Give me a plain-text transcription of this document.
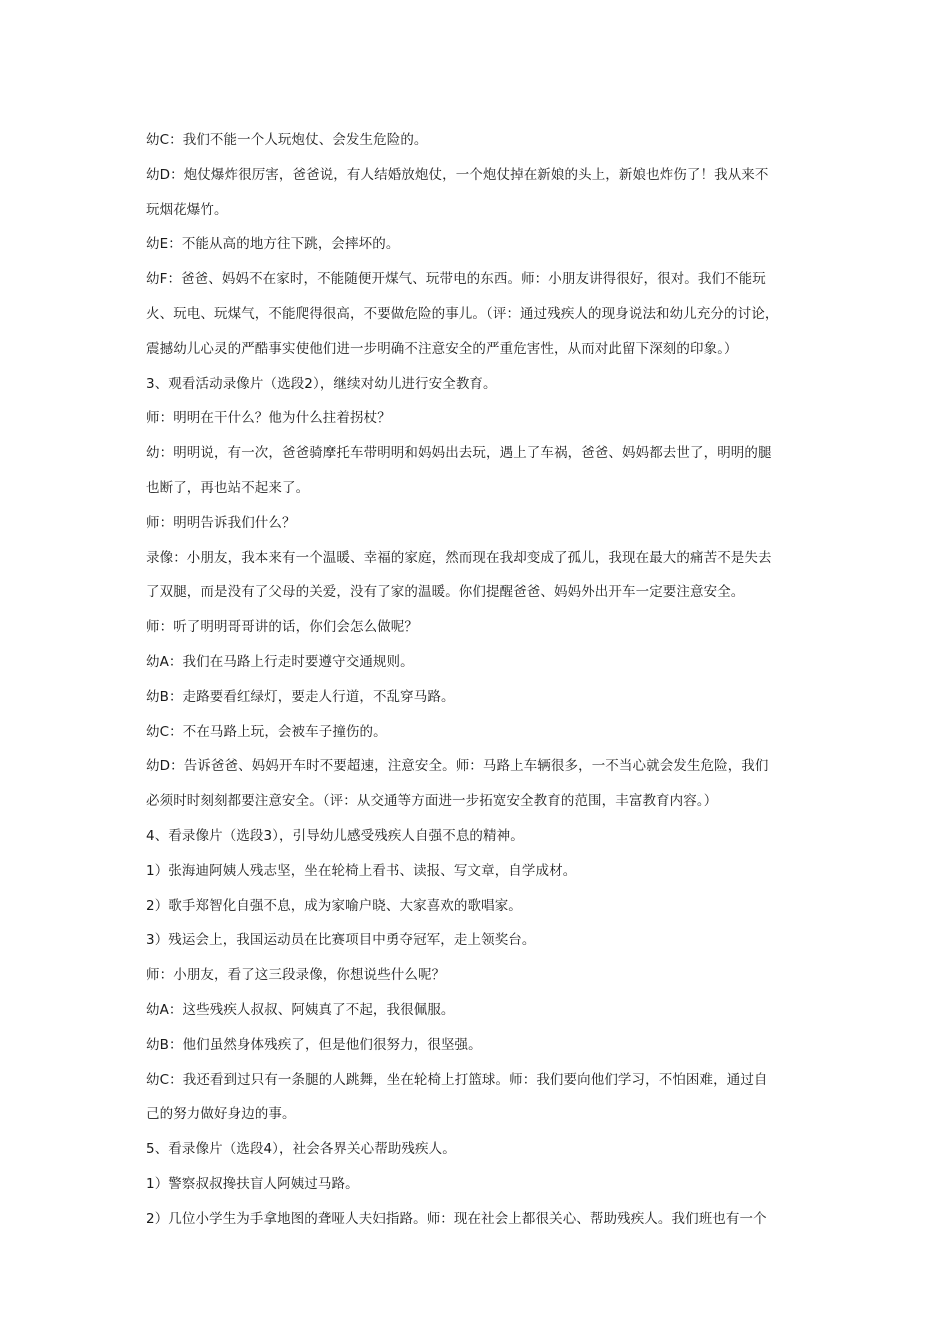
幼C：我们不能一个人玩炮仗、会发生危险的。
幼D：炮仗爆炸很厉害，爸爸说，有人结婚放炮仗，一个炮仗掉在新娘的头上，新娘也炸伤了！我从来不
玩烟花爆竹。
幼E：不能从高的地方往下跳，会摔坏的。
幼F：爸爸、妈妈不在家时，不能随便开煤气、玩带电的东西。师：小朋友讲得很好，很对。我们不能玩
火、玩电、玩煤气，不能爬得很高，不要做危险的事儿。（评：通过残疾人的现身说法和幼儿充分的讨论，
震撼幼儿心灵的严酷事实使他们进一步明确不注意安全的严重危害性，从而对此留下深刻的印象。）
3、观看活动录像片（选段2），继续对幼儿进行安全教育。
师：明明在干什么？他为什么拄着拐杖？
幼：明明说，有一次，爸爸骑摩托车带明明和妈妈出去玩，遇上了车祸，爸爸、妈妈都去世了，明明的腿
也断了，再也站不起来了。
师：明明告诉我们什么？
录像：小朋友，我本来有一个温暖、幸福的家庭，然而现在我却变成了孤儿，我现在最大的痛苦不是失去
了双腿，而是没有了父母的关爱，没有了家的温暖。你们提醒爸爸、妈妈外出开车一定要注意安全。
师：听了明明哥哥讲的话，你们会怎么做呢？
幼A：我们在马路上行走时要遵守交通规则。
幼B：走路要看红绿灯，要走人行道，不乱穿马路。
幼C：不在马路上玩，会被车子撞伤的。
幼D：告诉爸爸、妈妈开车时不要超速，注意安全。师：马路上车辆很多，一不当心就会发生危险，我们
必须时时刻刻都要注意安全。（评：从交通等方面进一步拓宽安全教育的范围，丰富教育内容。）
4、看录像片（选段3），引导幼儿感受残疾人自强不息的精神。
1）张海迪阿姨人残志坚，坐在轮椅上看书、读报、写文章，自学成材。
2）歌手郑智化自强不息，成为家喻户晓、大家喜欢的歌唱家。
3）残运会上，我国运动员在比赛项目中勇夺冠军，走上领奖台。
师：小朋友，看了这三段录像，你想说些什么呢？
幼A：这些残疾人叔叔、阿姨真了不起，我很佩服。
幼B：他们虽然身体残疾了，但是他们很努力，很坚强。
幼C：我还看到过只有一条腿的人跳舞，坐在轮椅上打篮球。师：我们要向他们学习，不怕困难，通过自
己的努力做好身边的事。
5、看录像片（选段4），社会各界关心帮助残疾人。
1）警察叔叔搀扶盲人阿姨过马路。
2）几位小学生为手拿地图的聋哑人夫妇指路。师：现在社会上都很关心、帮助残疾人。我们班也有一个
